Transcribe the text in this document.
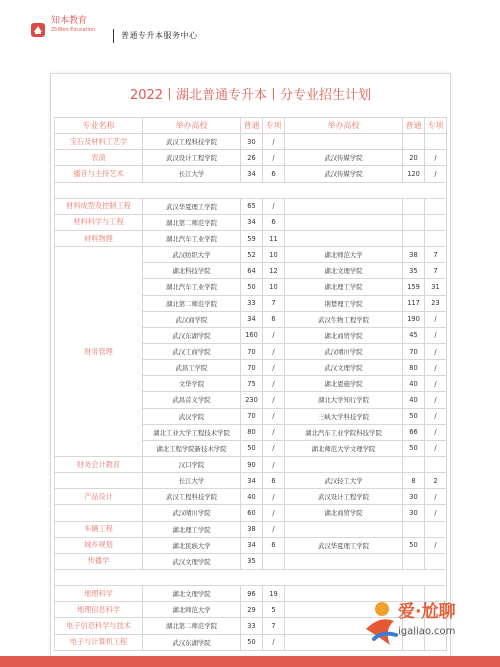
知本教育
ZhiBen Education
普通专升本服务中心
2022丨湖北普通专升本丨分专业招生计划
专业名称	举办高校	普通	专项	举办高校	普通	专项
宝石及材料工艺学	武汉工程科技学院	30	/			
表演	武汉设计工程学院	26	/	武汉传媒学院	20	/
播音与主持艺术	长江大学	34	6	武汉传媒学院	120	/

材料成型及控制工程	武汉华夏理工学院	65	/			
材料科学与工程	湖北第二师范学院	34	6			
材料物理	湖北汽车工业学院	59	11			
财务管理	武汉纺织大学	52	10	湖北师范大学	38	7
	湖北科技学院	64	12	湖北文理学院	35	7
	湖北汽车工业学院	50	10	湖北理工学院	159	31
	湖北第二师范学院	33	7	荆楚理工学院	117	23
	武汉商学院	34	6	武汉生物工程学院	190	/
	武汉东湖学院	160	/	湖北商贸学院	45	/
	武汉工商学院	70	/	武汉晴川学院	70	/
	武昌工学院	70	/	武汉文理学院	80	/
	文华学院	75	/	湖北恩施学院	40	/
	武昌首义学院	230	/	湖北大学知行学院	40	/
	武汉学院	70	/	三峡大学科技学院	50	/
	湖北工业大学工程技术学院	80	/	湖北汽车工业学院科技学院	66	/
	湖北工程学院新技术学院	50	/	湖北师范大学文理学院	50	/
财务会计教育	汉口学院	90	/			
	长江大学	34	6	武汉轻工大学	8	2
产品设计	武汉工程科技学院	40	/	武汉设计工程学院	30	/
	武汉晴川学院	60	/	湖北商贸学院	30	/
车辆工程	湖北理工学院	38	/			
城乡规划	湖北民族大学	34	6	武汉华夏理工学院	50	/
传播学	武汉文理学院	35				

地理科学	湖北文理学院	96	19			
地理信息科学	湖北师范大学	29	5			
电子信息科学与技术	湖北第二师范学院	33	7			
电子与计算机工程	武汉东湖学院	50	/			
爱·尬聊
igaliao.com
